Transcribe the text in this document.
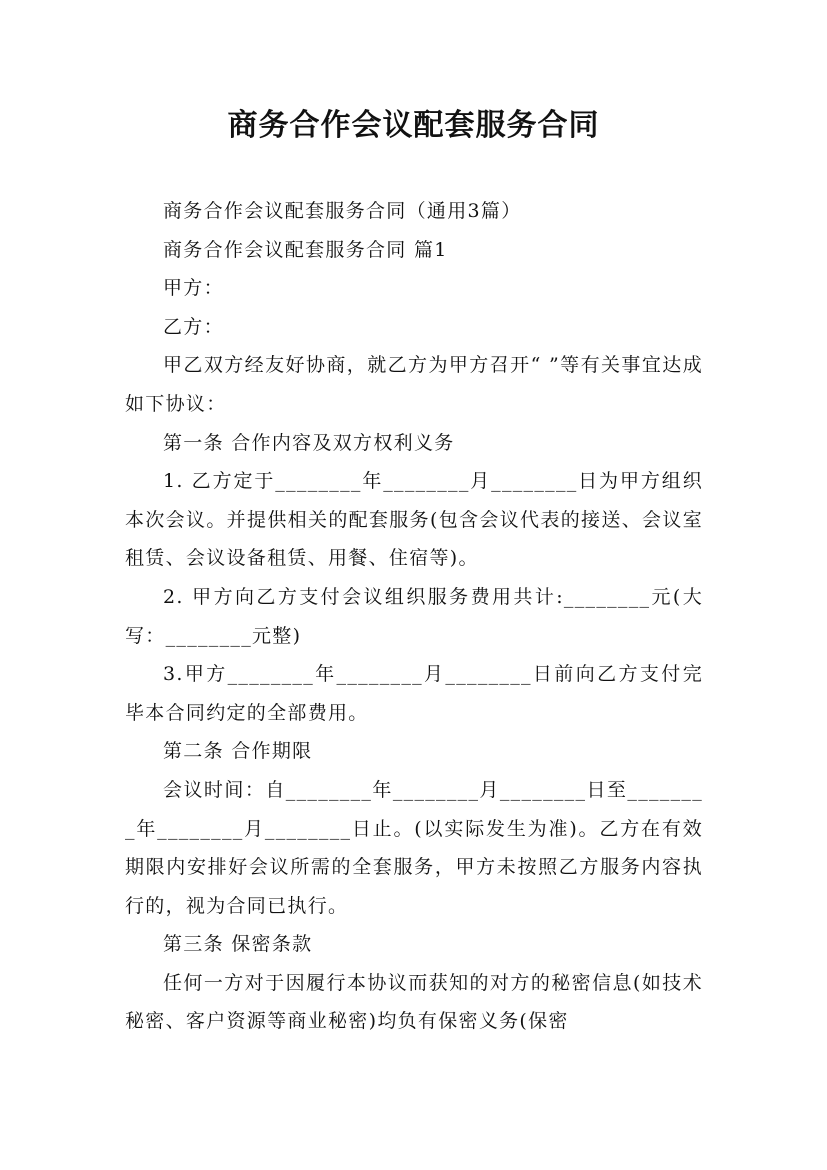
商务合作会议配套服务合同

商务合作会议配套服务合同（通用3篇）

商务合作会议配套服务合同 篇1

甲方：

乙方：

甲乙双方经友好协商，就乙方为甲方召开“ ”等有关事宜达成如下协议：

第一条 合作内容及双方权利义务

1. 乙方定于________年________月________日为甲方组织本次会议。并提供相关的配套服务(包含会议代表的接送、会议室租赁、会议设备租赁、用餐、住宿等)。

2. 甲方向乙方支付会议组织服务费用共计:________元(大写：________元整)

3.甲方________年________月________日前向乙方支付完毕本合同约定的全部费用。

第二条 合作期限

会议时间：自________年________月________日至________年________月________日止。(以实际发生为准)。乙方在有效期限内安排好会议所需的全套服务，甲方未按照乙方服务内容执行的，视为合同已执行。

第三条 保密条款

任何一方对于因履行本协议而获知的对方的秘密信息(如技术秘密、客户资源等商业秘密)均负有保密义务(保密
